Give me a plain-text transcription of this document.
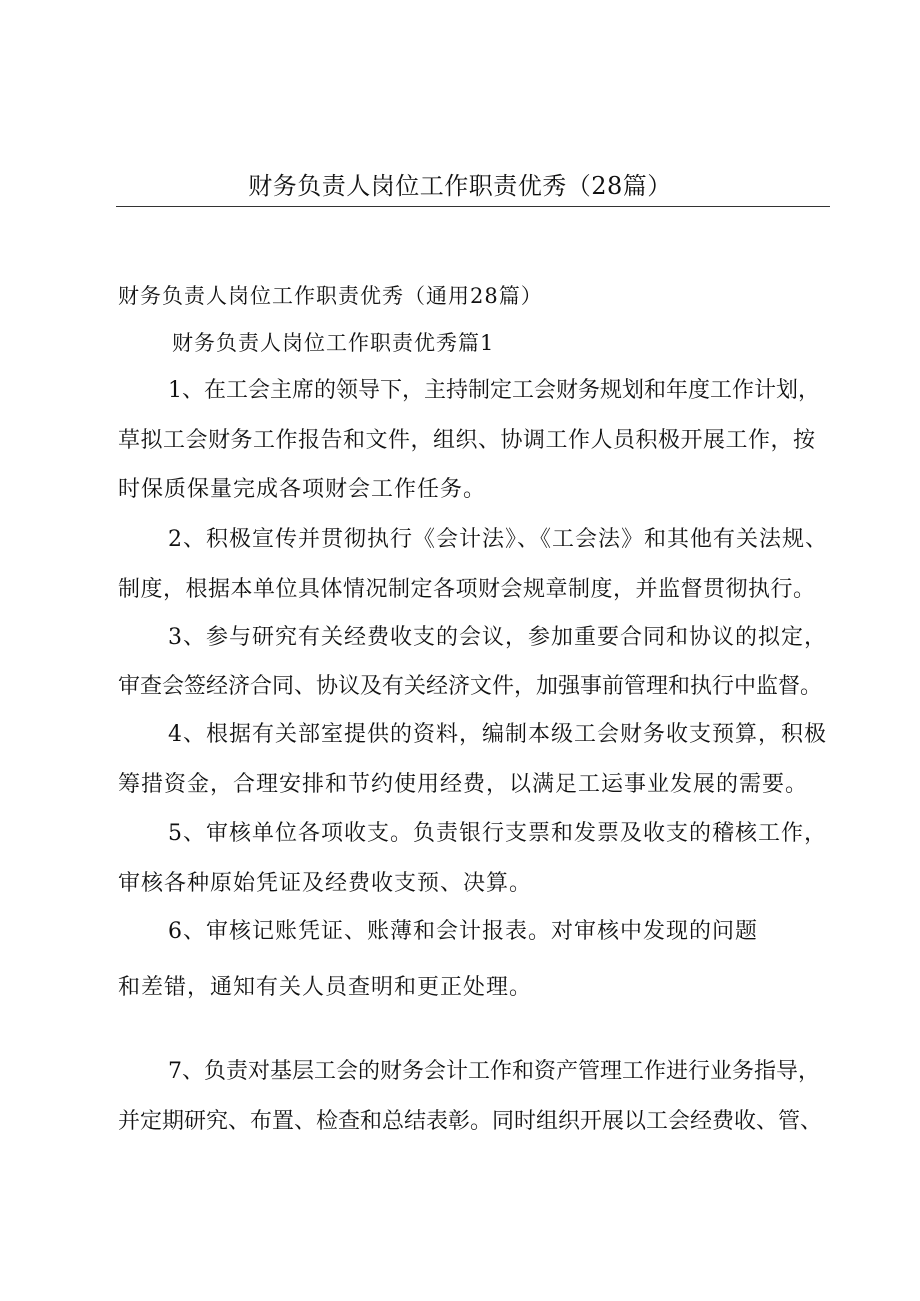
财务负责人岗位工作职责优秀（28篇）
财务负责人岗位工作职责优秀（通用28篇）
财务负责人岗位工作职责优秀篇1
1、在工会主席的领导下，主持制定工会财务规划和年度工作计划，
草拟工会财务工作报告和文件，组织、协调工作人员积极开展工作，按
时保质保量完成各项财会工作任务。
2、积极宣传并贯彻执行《会计法》、《工会法》和其他有关法规、
制度，根据本单位具体情况制定各项财会规章制度，并监督贯彻执行。
3、参与研究有关经费收支的会议，参加重要合同和协议的拟定，
审查会签经济合同、协议及有关经济文件，加强事前管理和执行中监督。
4、根据有关部室提供的资料，编制本级工会财务收支预算，积极
筹措资金，合理安排和节约使用经费，以满足工运事业发展的需要。
5、审核单位各项收支。负责银行支票和发票及收支的稽核工作，
审核各种原始凭证及经费收支预、决算。
6、审核记账凭证、账薄和会计报表。对审核中发现的问题
和差错，通知有关人员查明和更正处理。
7、负责对基层工会的财务会计工作和资产管理工作进行业务指导，
并定期研究、布置、检查和总结表彰。同时组织开展以工会经费收、管、
